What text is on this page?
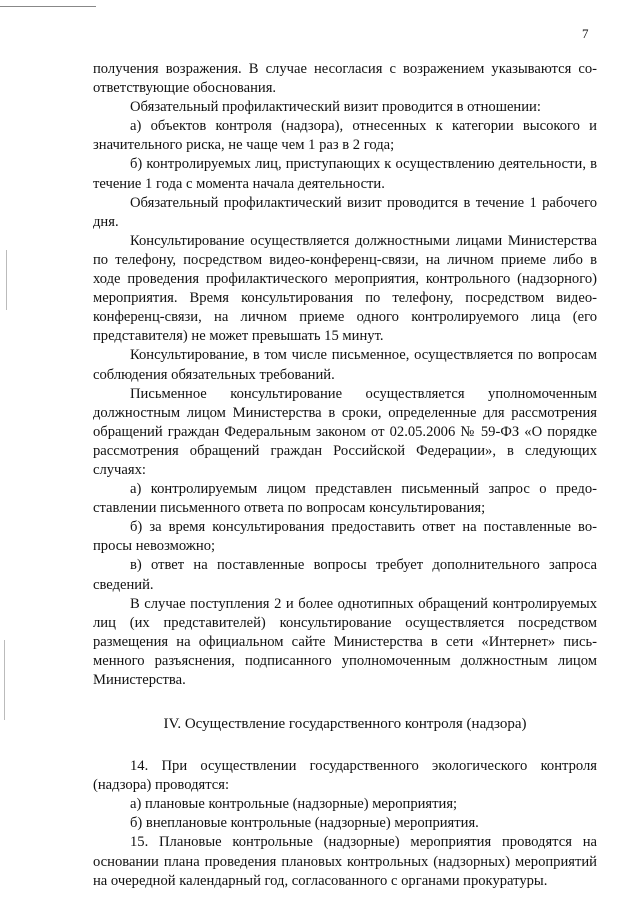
7

получения возражения. В случае несогласия с возражением указываются соответствующие обоснования.

Обязательный профилактический визит проводится в отношении:

а) объектов контроля (надзора), отнесенных к категории высокого и значительного риска, не чаще чем 1 раз в 2 года;

б) контролируемых лиц, приступающих к осуществлению деятельности, в течение 1 года с момента начала деятельности.

Обязательный профилактический визит проводится в течение 1 рабочего дня.

Консультирование осуществляется должностными лицами Министерства по телефону, посредством видео-конференц-связи, на личном приеме либо в ходе проведения профилактического мероприятия, контрольного (надзорного) мероприятия. Время консультирования по телефону, посредством видео-конференц-связи, на личном приеме одного контролируемого лица (его представителя) не может превышать 15 минут.

Консультирование, в том числе письменное, осуществляется по вопросам соблюдения обязательных требований.

Письменное консультирование осуществляется уполномоченным должностным лицом Министерства в сроки, определенные для рассмотрения обращений граждан Федеральным законом от 02.05.2006 № 59-ФЗ «О порядке рассмотрения обращений граждан Российской Федерации», в следующих случаях:

а) контролируемым лицом представлен письменный запрос о предоставлении письменного ответа по вопросам консультирования;

б) за время консультирования предоставить ответ на поставленные вопросы невозможно;

в) ответ на поставленные вопросы требует дополнительного запроса сведений.

В случае поступления 2 и более однотипных обращений контролируемых лиц (их представителей) консультирование осуществляется посредством размещения на официальном сайте Министерства в сети «Интернет» письменного разъяснения, подписанного уполномоченным должностным лицом Министерства.

IV. Осуществление государственного контроля (надзора)

14. При осуществлении государственного экологического контроля (надзора) проводятся:

а) плановые контрольные (надзорные) мероприятия;

б) внеплановые контрольные (надзорные) мероприятия.

15. Плановые контрольные (надзорные) мероприятия проводятся на основании плана проведения плановых контрольных (надзорных) мероприятий на очередной календарный год, согласованного с органами прокуратуры.
